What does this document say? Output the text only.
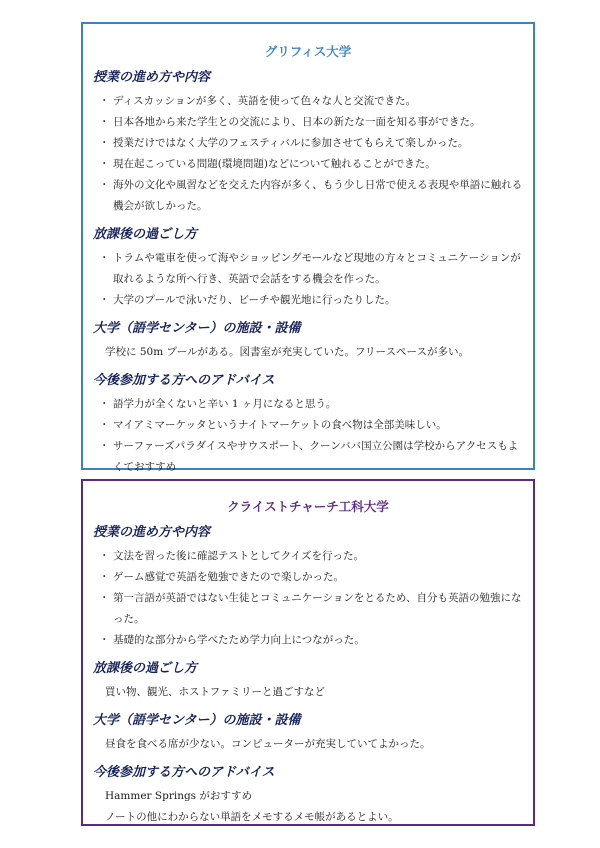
グリフィス大学
授業の進め方や内容
・ ディスカッションが多く、英語を使って色々な人と交流できた。
・ 日本各地から来た学生との交流により、日本の新たな一面を知る事ができた。
・ 授業だけではなく大学のフェスティバルに参加させてもらえて楽しかった。
・ 現在起こっている問題(環境問題)などについて触れることができた。
・ 海外の文化や風習などを交えた内容が多く、もう少し日常で使える表現や単語に触れる機会が欲しかった。
放課後の過ごし方
・ トラムや電車を使って海やショッピングモールなど現地の方々とコミュニケーションが取れるような所へ行き、英語で会話をする機会を作った。
・ 大学のプールで泳いだり、ビーチや観光地に行ったりした。
大学（語学センター）の施設・設備

学校に 50m プールがある。図書室が充実していた。フリースペースが多い。

今後参加する方へのアドバイス
・ 語学力が全くないと辛い 1 ヶ月になると思う。
・ マイアミマーケッタというナイトマーケットの食べ物は全部美味しい。
・ サーファーズパラダイスやサウスポート、クーンババ国立公園は学校からアクセスもよくておすすめ
クライストチャーチ工科大学
授業の進め方や内容
・ 文法を習った後に確認テストとしてクイズを行った。
・ ゲーム感覚で英語を勉強できたので楽しかった。
・ 第一言語が英語ではない生徒とコミュニケーションをとるため、自分も英語の勉強になった。
・ 基礎的な部分から学べたため学力向上につながった。
放課後の過ごし方

買い物、観光、ホストファミリーと過ごすなど

大学（語学センター）の施設・設備

昼食を食べる席が少ない。コンピューターが充実していてよかった。

今後参加する方へのアドバイス

Hammer Springs がおすすめ

ノートの他にわからない単語をメモするメモ帳があるとよい。
